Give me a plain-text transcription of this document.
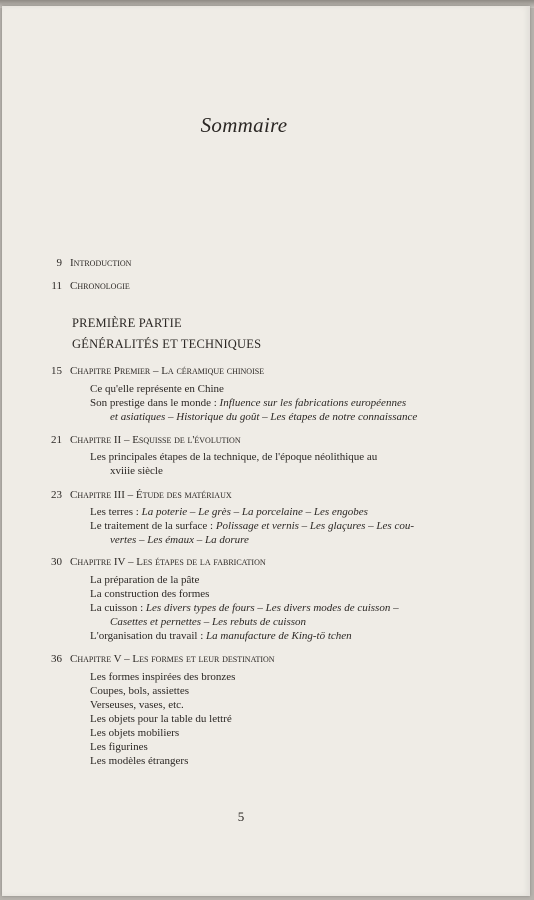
Sommaire
9 Introduction
11 Chronologie
PREMIÈRE PARTIE
GÉNÉRALITÉS ET TECHNIQUES
15 Chapitre Premier – La céramique chinoise
Ce qu'elle représente en Chine
Son prestige dans le monde : Influence sur les fabrications européennes
et asiatiques – Historique du goût – Les étapes de notre connaissance
21 Chapitre II – Esquisse de l'évolution
Les principales étapes de la technique, de l'époque néolithique au
xviiie siècle
23 Chapitre III – Étude des matériaux
Les terres : La poterie – Le grès – La porcelaine – Les engobes
Le traitement de la surface : Polissage et vernis – Les glaçures – Les cou-
vertes – Les émaux – La dorure
30 Chapitre IV – Les étapes de la fabrication
La préparation de la pâte
La construction des formes
La cuisson : Les divers types de fours – Les divers modes de cuisson –
Casettes et pernettes – Les rebuts de cuisson
L'organisation du travail : La manufacture de King-tö tchen
36 Chapitre V – Les formes et leur destination
Les formes inspirées des bronzes
Coupes, bols, assiettes
Verseuses, vases, etc.
Les objets pour la table du lettré
Les objets mobiliers
Les figurines
Les modèles étrangers
5
